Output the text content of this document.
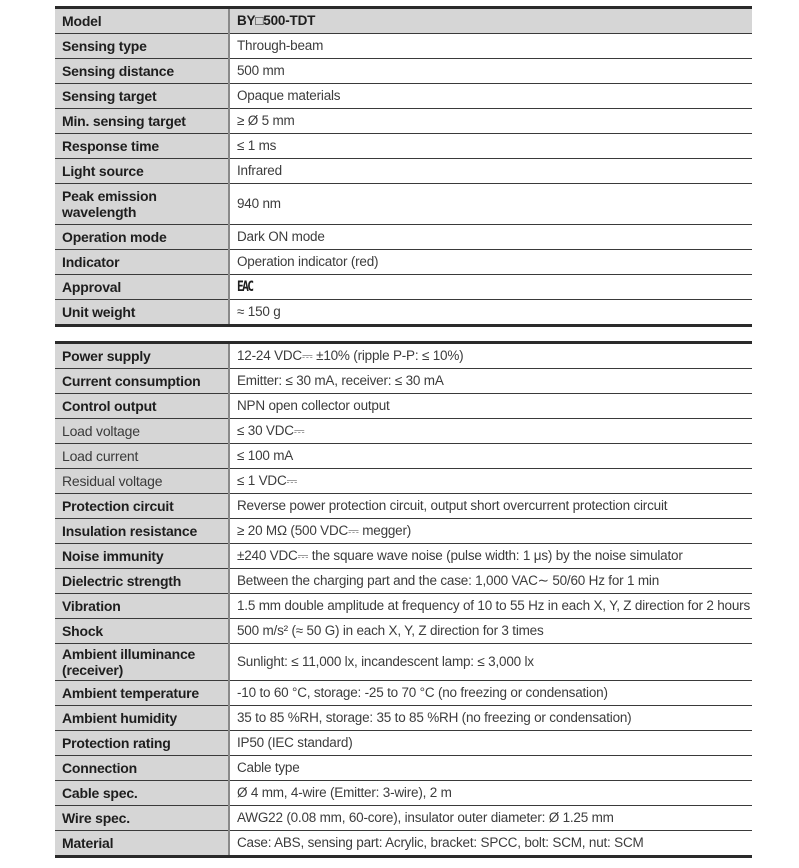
Model	BY□500-TDT
Sensing type	Through-beam
Sensing distance	500 mm
Sensing target	Opaque materials
Min. sensing target	≥ Ø 5 mm
Response time	≤ 1 ms
Light source	Infrared
Peak emission wavelength	940 nm
Operation mode	Dark ON mode
Indicator	Operation indicator (red)
Approval	EAC
Unit weight	≈ 150 g
Power supply	12-24 VDC⎓ ±10% (ripple P-P: ≤ 10%)
Current consumption	Emitter: ≤ 30 mA, receiver: ≤ 30 mA
Control output	NPN open collector output
Load voltage	≤ 30 VDC⎓
Load current	≤ 100 mA
Residual voltage	≤ 1 VDC⎓
Protection circuit	Reverse power protection circuit, output short overcurrent protection circuit
Insulation resistance	≥ 20 MΩ (500 VDC⎓ megger)
Noise immunity	±240 VDC⎓ the square wave noise (pulse width: 1 μs) by the noise simulator
Dielectric strength	Between the charging part and the case: 1,000 VAC∼ 50/60 Hz for 1 min
Vibration	1.5 mm double amplitude at frequency of 10 to 55 Hz in each X, Y, Z direction for 2 hours
Shock	500 m/s² (≈ 50 G) in each X, Y, Z direction for 3 times
Ambient illuminance (receiver)	Sunlight: ≤ 11,000 lx, incandescent lamp: ≤ 3,000 lx
Ambient temperature	-10 to 60 °C, storage: -25 to 70 °C (no freezing or condensation)
Ambient humidity	35 to 85 %RH, storage: 35 to 85 %RH (no freezing or condensation)
Protection rating	IP50 (IEC standard)
Connection	Cable type
Cable spec.	Ø 4 mm, 4-wire (Emitter: 3-wire), 2 m
Wire spec.	AWG22 (0.08 mm, 60-core), insulator outer diameter: Ø 1.25 mm
Material	Case: ABS, sensing part: Acrylic, bracket: SPCC, bolt: SCM, nut: SCM
